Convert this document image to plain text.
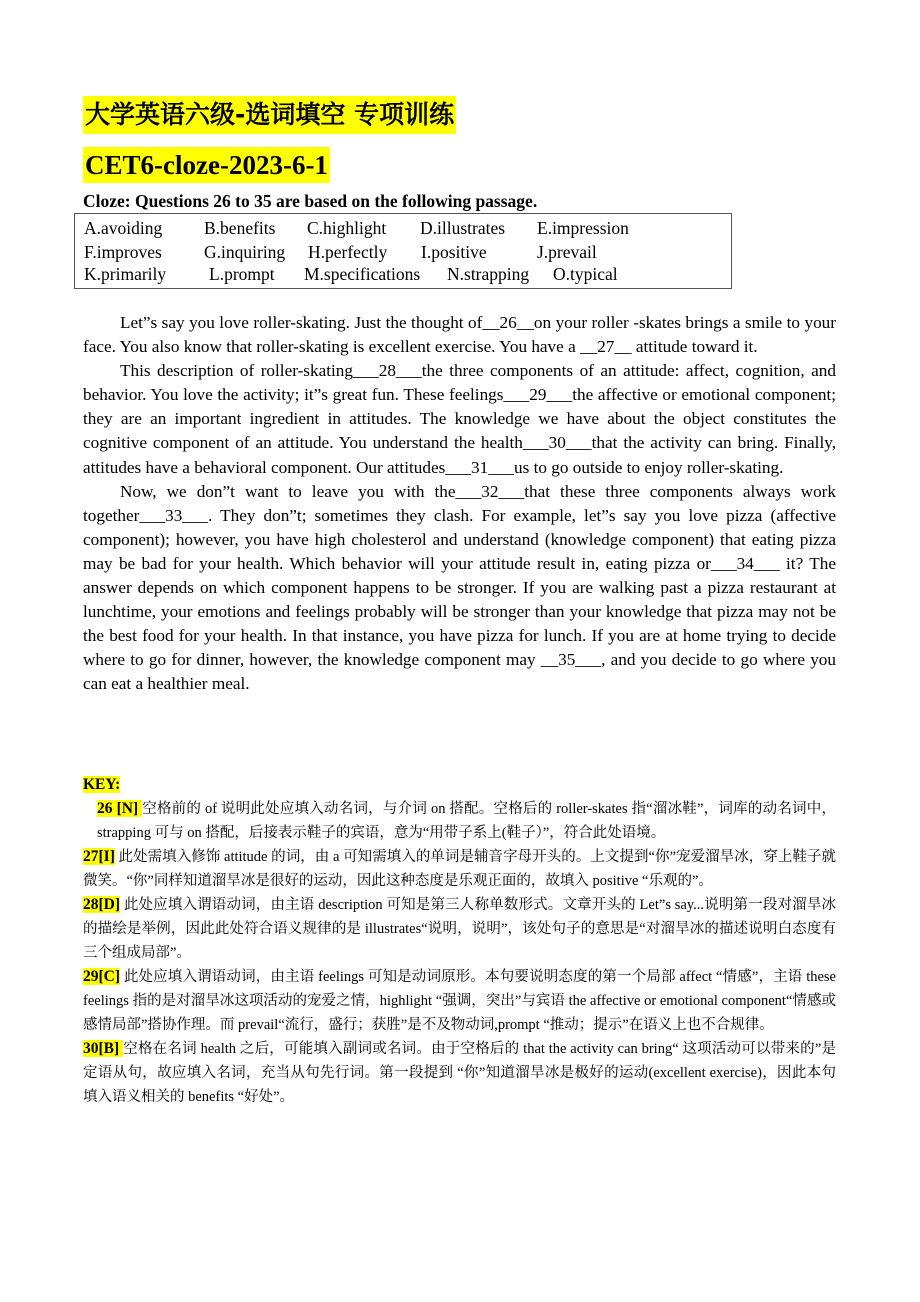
大学英语六级-选词填空 专项训练
CET6-cloze-2023-6-1
Cloze: Questions 26 to 35 are based on the following passage.
A.avoiding B.benefits C.highlight D.illustrates E.impression
F.improves G.inquiring H.perfectly I.positive	J.prevail
K.primarily L.prompt M.specifications N.strapping O.typical

Let”s say you love roller-skating. Just the thought of__26__on your roller -skates brings a smile to your face. You also know that roller-skating is excellent exercise. You have a __27__ attitude toward it.

This description of roller-skating___28___the three components of an attitude: affect, cognition, and behavior. You love the activity; it”s great fun. These feelings___29___the affective or emotional component; they are an important ingredient in attitudes. The knowledge we have about the object constitutes the cognitive component of an attitude. You understand the health___30___that the activity can bring. Finally, attitudes have a behavioral component. Our attitudes___31___us to go outside to enjoy roller-skating.

Now, we don”t want to leave you with the___32___that these three components always work together___33___. They don”t; sometimes they clash. For example, let”s say you love pizza (affective component); however, you have high cholesterol and understand (knowledge component) that eating pizza may be bad for your health. Which behavior will your attitude result in, eating pizza or___34___ it? The answer depends on which component happens to be stronger. If you are walking past a pizza restaurant at lunchtime, your emotions and feelings probably will be stronger than your knowledge that pizza may not be the best food for your health. In that instance, you have pizza for lunch. If you are at home trying to decide where to go for dinner, however, the knowledge component may __35___, and you decide to go where you can eat a healthier meal.

KEY:

26 [N] 空格前的 of 说明此处应填入动名词，与介词 on 搭配。空格后的 roller-skates 指“溜冰鞋”，词库的动名词中，strapping 可与 on 搭配，后接表示鞋子的宾语，意为“用带子系上(鞋子）”，符合此处语境。

27[I] 此处需填入修饰 attitude 的词，由 a 可知需填入的单词是辅音字母开头的。上文提到“你”宠爱溜旱冰，穿上鞋子就微笑。“你”同样知道溜旱冰是很好的运动，因此这种态度是乐观正面的，故填入 positive “乐观的”。

28[D] 此处应填入谓语动词，由主语 description 可知是第三人称单数形式。文章开头的 Let”s say...说明第一段对溜旱冰的描绘是举例，因此此处符合语义规律的是 illustrates“说明，说明”，该处句子的意思是“对溜旱冰的描述说明白态度有三个组成局部”。

29[C] 此处应填入谓语动词，由主语 feelings 可知是动词原形。本句要说明态度的第一个局部 affect “情感”，主语 these feelings 指的是对溜旱冰这项活动的宠爱之情，highlight “强调，突出”与宾语 the affective or emotional component“情感或感情局部”搭协作理。而 prevail“流行，盛行；获胜”是不及物动词,prompt “推动；提示”在语义上也不合规律。

30[B] 空格在名词 health 之后，可能填入副词或名词。由于空格后的 that the activity can bring“ 这项活动可以带来的”是定语从句，故应填入名词，充当从句先行词。第一段提到 “你”知道溜旱冰是极好的运动(excellent exercise)，因此本句填入语义相关的 benefits “好处”。
